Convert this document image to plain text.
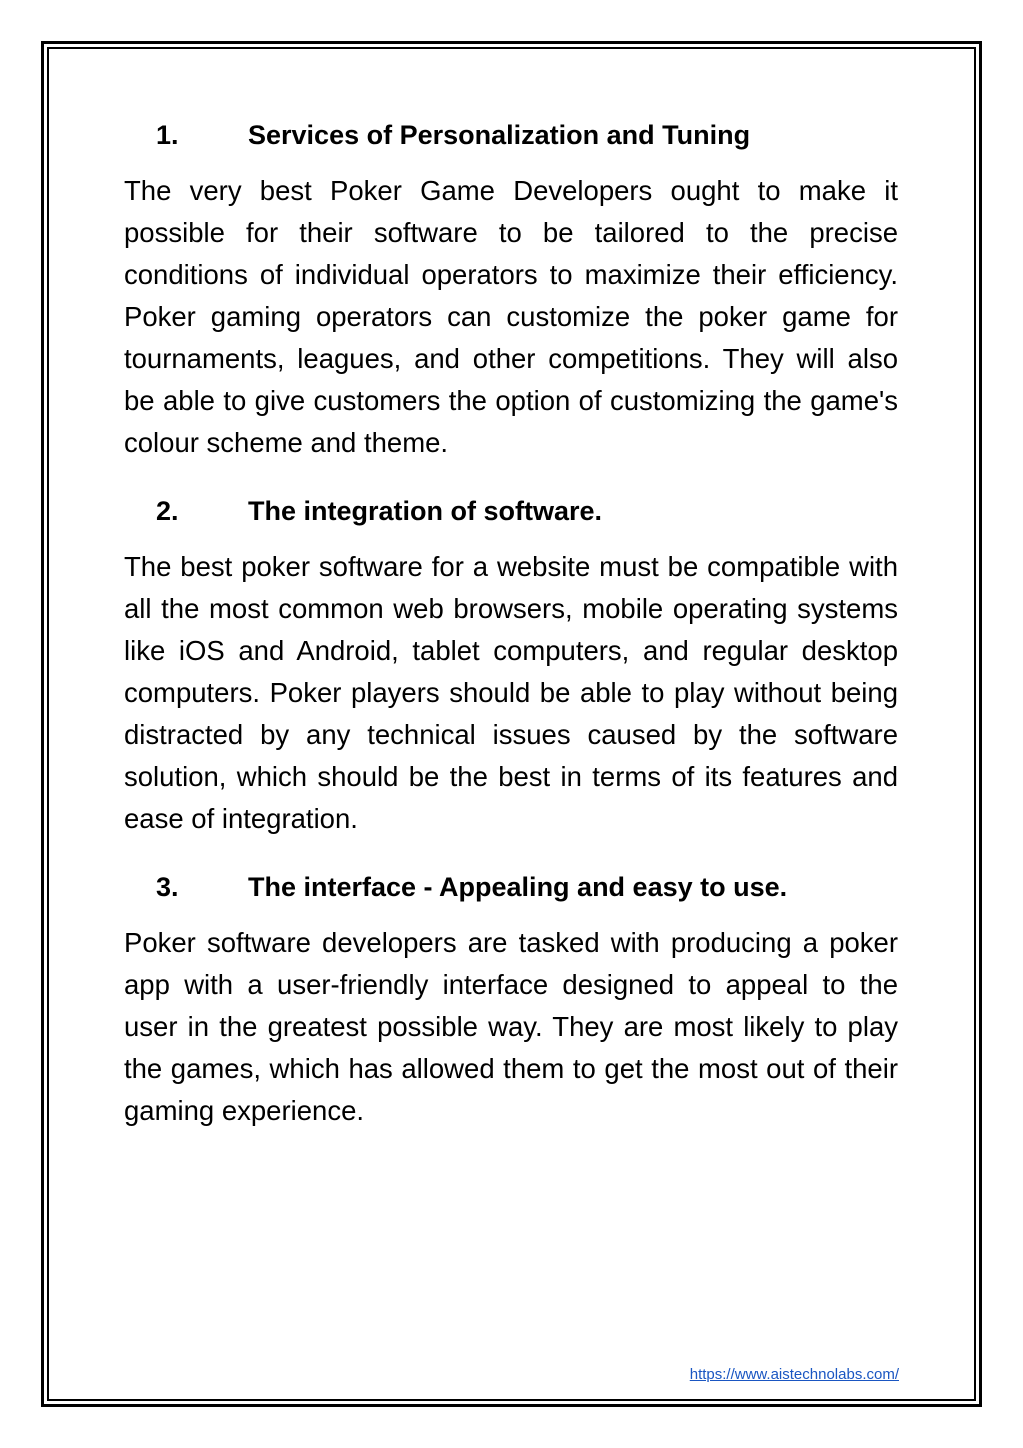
1.	Services of Personalization and Tuning

The very best Poker Game Developers ought to make it possible for their software to be tailored to the precise conditions of individual operators to maximize their efficiency. Poker gaming operators can customize the poker game for tournaments, leagues, and other competitions. They will also be able to give customers the option of customizing the game's colour scheme and theme.

2.	The integration of software.

The best poker software for a website must be compatible with all the most common web browsers, mobile operating systems like iOS and Android, tablet computers, and regular desktop computers. Poker players should be able to play without being distracted by any technical issues caused by the software solution, which should be the best in terms of its features and ease of integration.

3.	The interface - Appealing and easy to use.

Poker software developers are tasked with producing a poker app with a user-friendly interface designed to appeal to the user in the greatest possible way. They are most likely to play the games, which has allowed them to get the most out of their gaming experience.

https://www.aistechnolabs.com/
